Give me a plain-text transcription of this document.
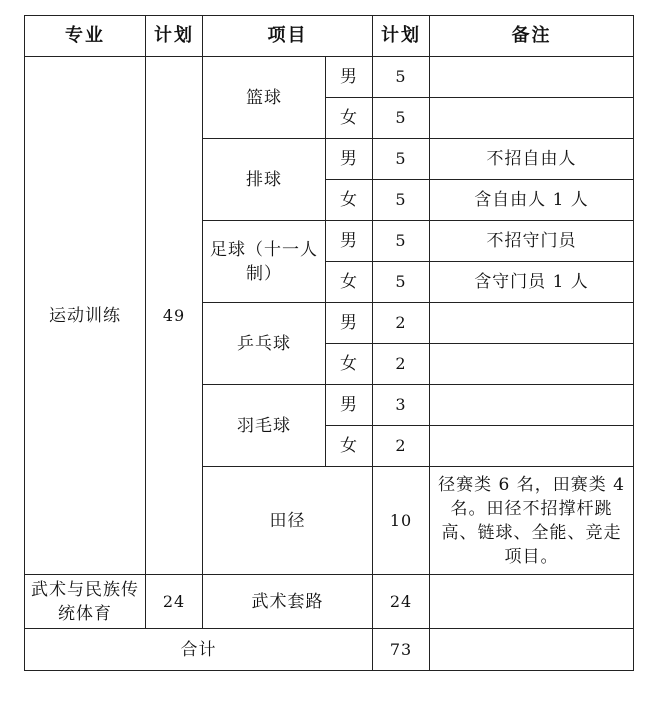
专业	计划	项目		计划	备注
运动训练	49	篮球	男	5	
			女	5	
		排球	男	5	不招自由人
			女	5	含自由人 1 人
		足球（十一人制）	男	5	不招守门员
			女	5	含守门员 1 人
		乒乓球	男	2	
			女	2	
		羽毛球	男	3	
			女	2	
		田径		10	径赛类 6 名，田赛类 4 名。田径不招撑杆跳高、链球、全能、竞走项目。
武术与民族传统体育	24	武术套路		24	
合计				73	
